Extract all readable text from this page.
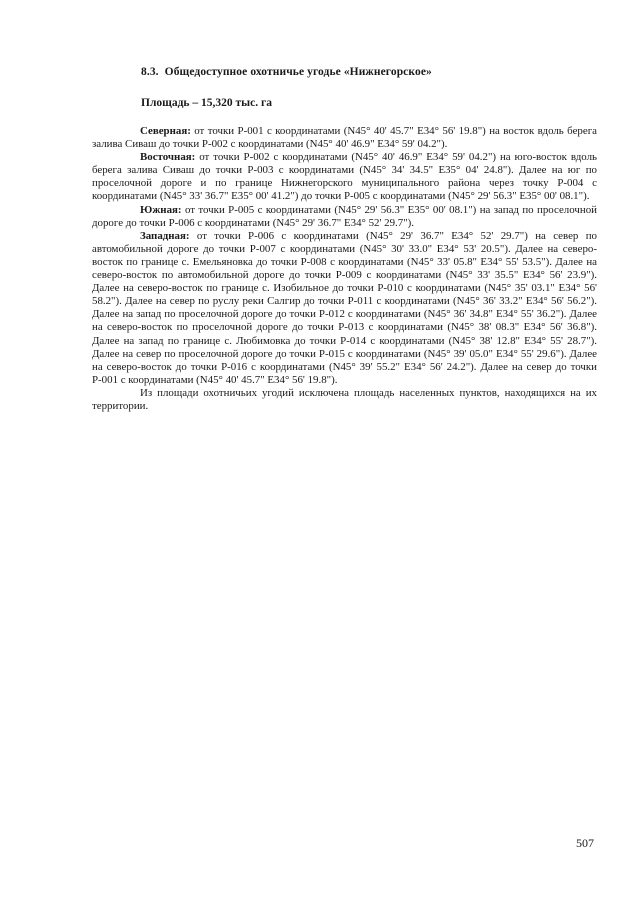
8.3. Общедоступное охотничье угодье «Нижнегорское»
Площадь – 15,320 тыс. га

Северная: от точки Р-001 с координатами (N45° 40' 45.7" E34° 56' 19.8") на восток вдоль берега залива Сиваш до точки Р-002 с координатами (N45° 40' 46.9" E34° 59' 04.2").

Восточная: от точки Р-002 с координатами (N45° 40' 46.9" E34° 59' 04.2") на юго-восток вдоль берега залива Сиваш до точки Р-003 с координатами (N45° 34' 34.5" E35° 04' 24.8"). Далее на юг по проселочной дороге и по границе Нижнегорского муниципального района через точку Р-004 с координатами (N45° 33' 36.7" E35° 00' 41.2") до точки Р-005 с координатами (N45° 29' 56.3" E35° 00' 08.1").

Южная: от точки Р-005 с координатами (N45° 29' 56.3" E35° 00' 08.1") на запад по проселочной дороге до точки Р-006 с координатами (N45° 29' 36.7" E34° 52' 29.7").

Западная: от точки Р-006 с координатами (N45° 29' 36.7" E34° 52' 29.7") на север по автомобильной дороге до точки Р-007 с координатами (N45° 30' 33.0" E34° 53' 20.5"). Далее на северо-восток по границе с. Емельяновка до точки Р-008 с координатами (N45° 33' 05.8" E34° 55' 53.5"). Далее на северо-восток по автомобильной дороге до точки Р-009 с координатами (N45° 33' 35.5" E34° 56' 23.9"). Далее на северо-восток по границе с. Изобильное до точки Р-010 с координатами (N45° 35' 03.1" E34° 56' 58.2"). Далее на север по руслу реки Салгир до точки Р-011 с координатами (N45° 36' 33.2" E34° 56' 56.2"). Далее на запад по проселочной дороге до точки Р-012 с координатами (N45° 36' 34.8" E34° 55' 36.2"). Далее на северо-восток по проселочной дороге до точки Р-013 с координатами (N45° 38' 08.3" E34° 56' 36.8"). Далее на запад по границе с. Любимовка до точки Р-014 с координатами (N45° 38' 12.8" E34° 55' 28.7"). Далее на север по проселочной дороге до точки Р-015 с координатами (N45° 39' 05.0" E34° 55' 29.6"). Далее на северо-восток до точки Р-016 с координатами (N45° 39' 55.2" E34° 56' 24.2"). Далее на север до точки Р-001 с координатами (N45° 40' 45.7" E34° 56' 19.8").

Из площади охотничьих угодий исключена площадь населенных пунктов, находящихся на их территории.

507
